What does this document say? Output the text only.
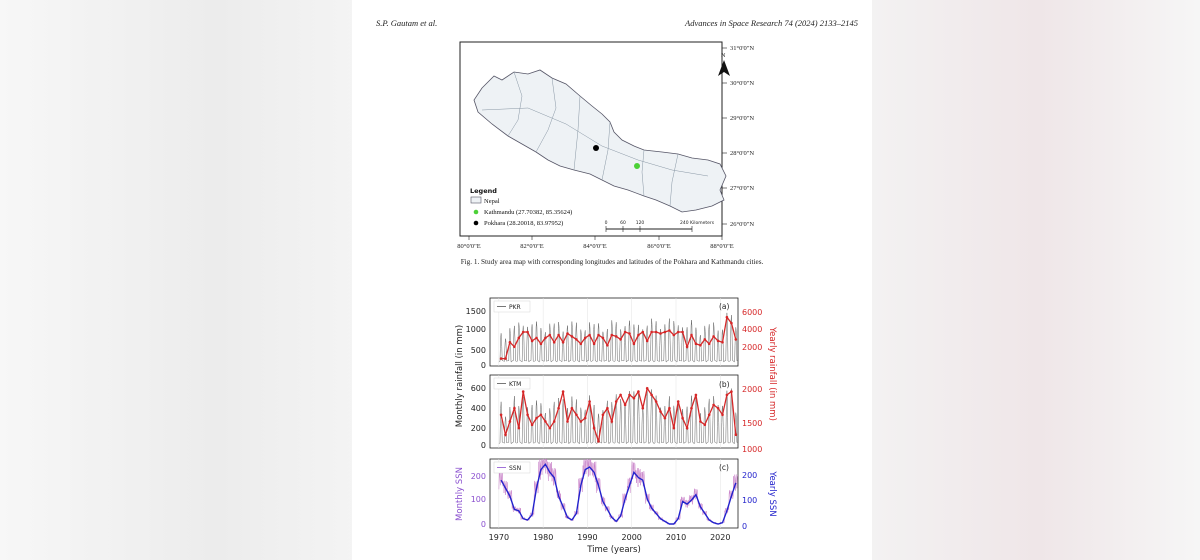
S.P. Gautam et al.	Advances in Space Research 74 (2024) 2133–2145
N
31°0'0"N
30°0'0"N
29°0'0"N
28°0'0"N
27°0'0"N
26°0'0"N
80°0'0"E	82°0'0"E	84°0'0"E	86°0'0"E	88°0'0"E
Legend
Nepal
Kathmandu (27.70382, 85.35624)
Pokhara (28.20018, 83.97952)	0	60 120	240 Kilometers
Fig. 1. Study area map with corresponding longitudes and latitudes of the Pokhara and Kathmandu cities.
PKR	(a)
KTM	(b)
SSN	(c)
0
500
1000
1500
2000
4000
6000
0
200
400
600
1000
1500
2000
0
100
200
0
100
200
1970	1980	1990	2000	2010	2020
Monthly rainfall (in mm)	Yearly rainfall (in mm)
Monthly SSN	Yearly SSN
Time (years)
